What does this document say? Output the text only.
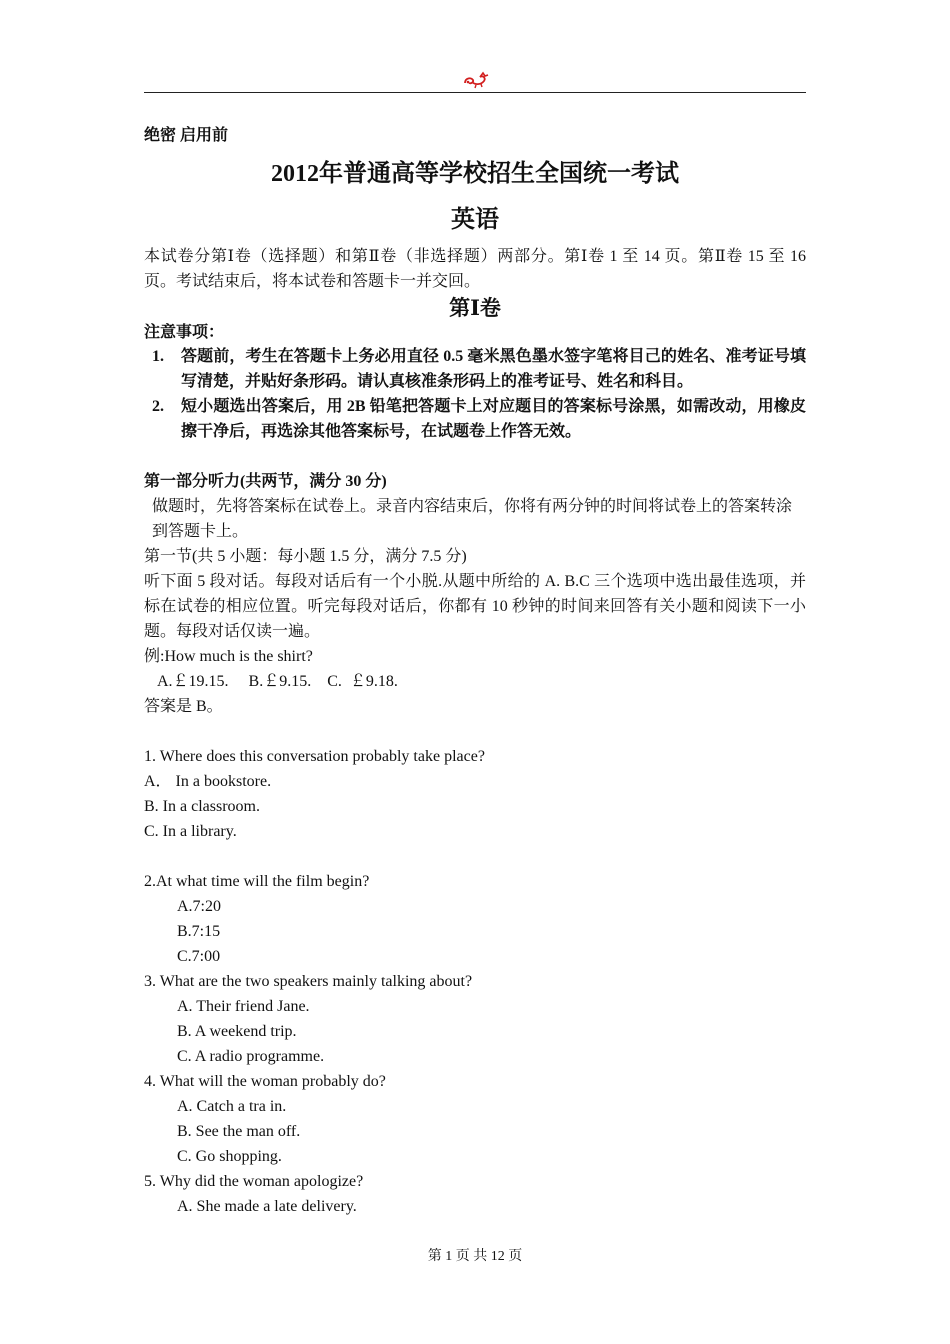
绝密 启用前

2012年普通高等学校招生全国统一考试

英语

本试卷分第Ⅰ卷（选择题）和第Ⅱ卷（非选择题）两部分。第Ⅰ卷 1 至 14 页。第Ⅱ卷 15 至 16 页。考试结束后，将本试卷和答题卡一并交回。

第Ⅰ卷

注意事项：

1. 答题前，考生在答题卡上务必用直径 0.5 毫米黑色墨水签字笔将目己的姓名、准考证号填写清楚，并贴好条形码。请认真核准条形码上的准考证号、姓名和科目。
2. 短小题选出答案后，用 2B 铅笔把答题卡上对应题目的答案标号涂黑，如需改动，用橡皮擦干净后，再选涂其他答案标号，在试题卷上作答无效。

第一部分听力(共两节，满分 30 分)

做题时，先将答案标在试卷上。录音内容结束后，你将有两分钟的时间将试卷上的答案转涂到答题卡上。

第一节(共 5 小题：每小题 1.5 分，满分 7.5 分)

听下面 5 段对话。每段对话后有一个小脱.从题中所给的 A. B.C 三个选项中选出最佳选项，并标在试卷的相应位置。听完每段对话后，你都有 10 秒钟的时间来回答有关小题和阅读下一小题。每段对话仅读一遍。

例:How much is the shirt?

A.￡19.15.     B.￡9.15.    C.  ￡9.18.

答案是 B。

1. Where does this conversation probably take place?

A． In a bookstore.

B. In a classroom.

C. In a library.

2.At what time will the film begin?

A.7:20

B.7:15

C.7:00

3. What are the two speakers mainly talking about?

A. Their friend Jane.

B. A weekend trip.

C. A radio programme.

4. What will the woman probably do?

A. Catch a tra in.

B. See the man off.

C. Go shopping.

5. Why did the woman apologize?

A. She made a late delivery.

第 1 页 共 12 页
